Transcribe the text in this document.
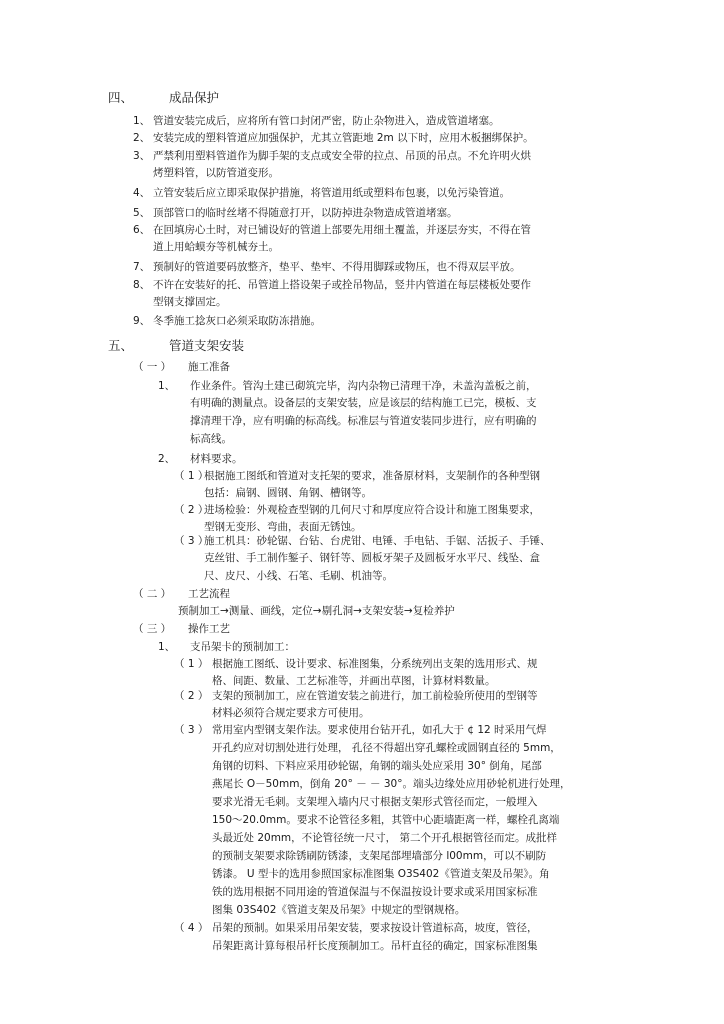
四、	成品保护
1、 管道安装完成后，应将所有管口封闭严密，防止杂物进入，造成管道堵塞。
2、 安装完成的塑料管道应加强保护，尤其立管距地 2m 以下时，应用木板捆绑保护。
3、 严禁利用塑料管道作为脚手架的支点或安全带的拉点、吊顶的吊点。不允许明火烘
烤塑料管，以防管道变形。
4、 立管安装后应立即采取保护措施，将管道用纸或塑料布包裹，以免污染管道。
5、 顶部管口的临时丝堵不得随意打开，以防掉进杂物造成管道堵塞。
6、 在回填房心土时，对已铺设好的管道上部要先用细土覆盖，并逐层夯实，不得在管
道上用蛤蟆夯等机械夯土。
7、 预制好的管道要码放整齐，垫平、垫牢、不得用脚踩或物压，也不得双层平放。
8、 不许在安装好的托、吊管道上搭设架子或拴吊物品，竖井内管道在每层楼板处要作
型钢支撑固定。
9、 冬季施工捻灰口必须采取防冻措施。
五、	管道支架安装
（ 一 ） 施工准备
1、 作业条件。管沟土建已砌筑完毕，沟内杂物已清理干净，未盖沟盖板之前，
有明确的测量点。设备层的支架安装，应是该层的结构施工已完，模板、支
撑清理干净，应有明确的标高线。标准层与管道安装同步进行，应有明确的
标高线。
2、 材料要求。
（ 1 ）
根据施工图纸和管道对支托架的要求，准备原材料，支架制作的各种型钢
包括：扁钢、圆钢、角钢、槽钢等。
（ 2 ）
进场检验：外观检查型钢的几何尺寸和厚度应符合设计和施工图集要求，
型钢无变形、弯曲，表面无锈蚀。
（ 3 ）
施工机具：砂轮锯、台钻、台虎钳、电锤、手电钻、手锯、活扳子、手锤、
克丝钳、手工制作錾子、钢钎等、圆板牙架子及圆板牙水平尺、线坠、盒
尺、皮尺、小线、石笔、毛刷、机油等。
（ 二 ） 工艺流程
预制加工→测量、画线，定位→剔孔洞→支架安装→复检养护
（ 三 ） 操作工艺
1、 支吊架卡的预制加工：
（ 1 ） 根据施工图纸、设计要求、标准图集，分系统列出支架的选用形式、规
格、间距、数量、工艺标准等，并画出草图，计算材料数量。
（ 2 ） 支架的预制加工，应在管道安装之前进行，加工前检验所使用的型钢等
材料必须符合规定要求方可使用。
（ 3 ） 常用室内型钢支架作法。要求使用台钻开孔，如孔大于 ¢ 12 时采用气焊
开孔约应对切割处进行处理， 孔径不得超出穿孔螺栓或圆钢直径的 5mm，
角钢的切料、下料应采用砂轮锯，角钢的端头处应采用 30° 倒角，尾部
燕尾长 O－50mm，倒角 20° － － 30°。端头边缘处应用砂轮机进行处理，
要求光滑无毛刺。支架埋入墙内尺寸根据支架形式管径而定，一般埋入
150～20.0mm。要求不论管径多粗，其管中心距墙距离一样，螺栓孔离端
头最近处 20mm，不论管径统一尺寸， 第二个开孔根据管径而定。成批样
的预制支架要求除锈刷防锈漆，支架尾部埋墙部分 l00mm，可以不刷防
锈漆。 U 型卡的选用参照国家标准图集 O3S402《管道支架及吊架》。角
铁的选用根据不同用途的管道保温与不保温按设计要求或采用国家标准
图集 03S402《管道支架及吊架》中规定的型钢规格。
（ 4 ） 吊架的预制。如果采用吊架安装，要求按设计管道标高，坡度，管径，
吊架距离计算每根吊杆长度预制加工。吊杆直径的确定，国家标准图集
